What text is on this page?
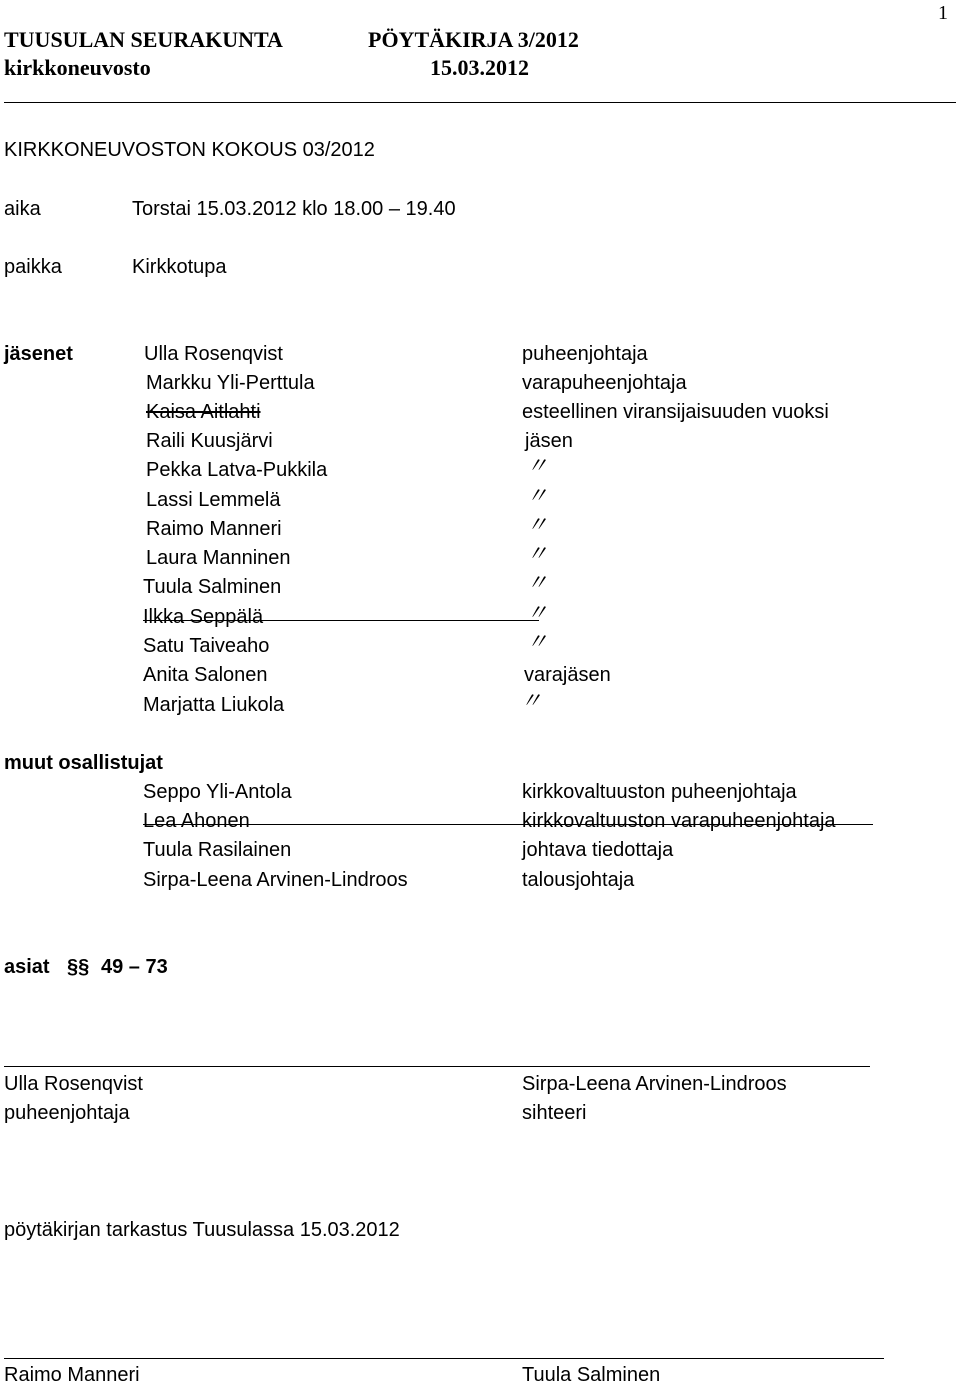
1
TUUSULAN SEURAKUNTA	PÖYTÄKIRJA 3/2012
kirkkoneuvosto	15.03.2012
KIRKKONEUVOSTON KOKOUS 03/2012
aika	Torstai 15.03.2012 klo 18.00 – 19.40
paikka	Kirkkotupa
jäsenet	Ulla Rosenqvist	puheenjohtaja
Markku Yli-Perttula	varapuheenjohtaja
Kaisa Aitlahti	esteellinen viransijaisuuden vuoksi
Raili Kuusjärvi	jäsen
Pekka Latva-Pukkila	〃
Lassi Lemmelä	〃
Raimo Manneri	〃
Laura Manninen	〃
Tuula Salminen	〃
Ilkka Seppälä	〃
Satu Taiveaho	〃
Anita Salonen	varajäsen
Marjatta Liukola	〃
muut osallistujat
Seppo Yli-Antola	kirkkovaltuuston puheenjohtaja
Lea Ahonen	kirkkovaltuuston varapuheenjohtaja
Tuula Rasilainen	johtava tiedottaja
Sirpa-Leena Arvinen-Lindroos	talousjohtaja
asiat §§ 49 – 73
Ulla Rosenqvist	Sirpa-Leena Arvinen-Lindroos
puheenjohtaja	sihteeri
pöytäkirjan tarkastus Tuusulassa 15.03.2012
Raimo Manneri	Tuula Salminen
